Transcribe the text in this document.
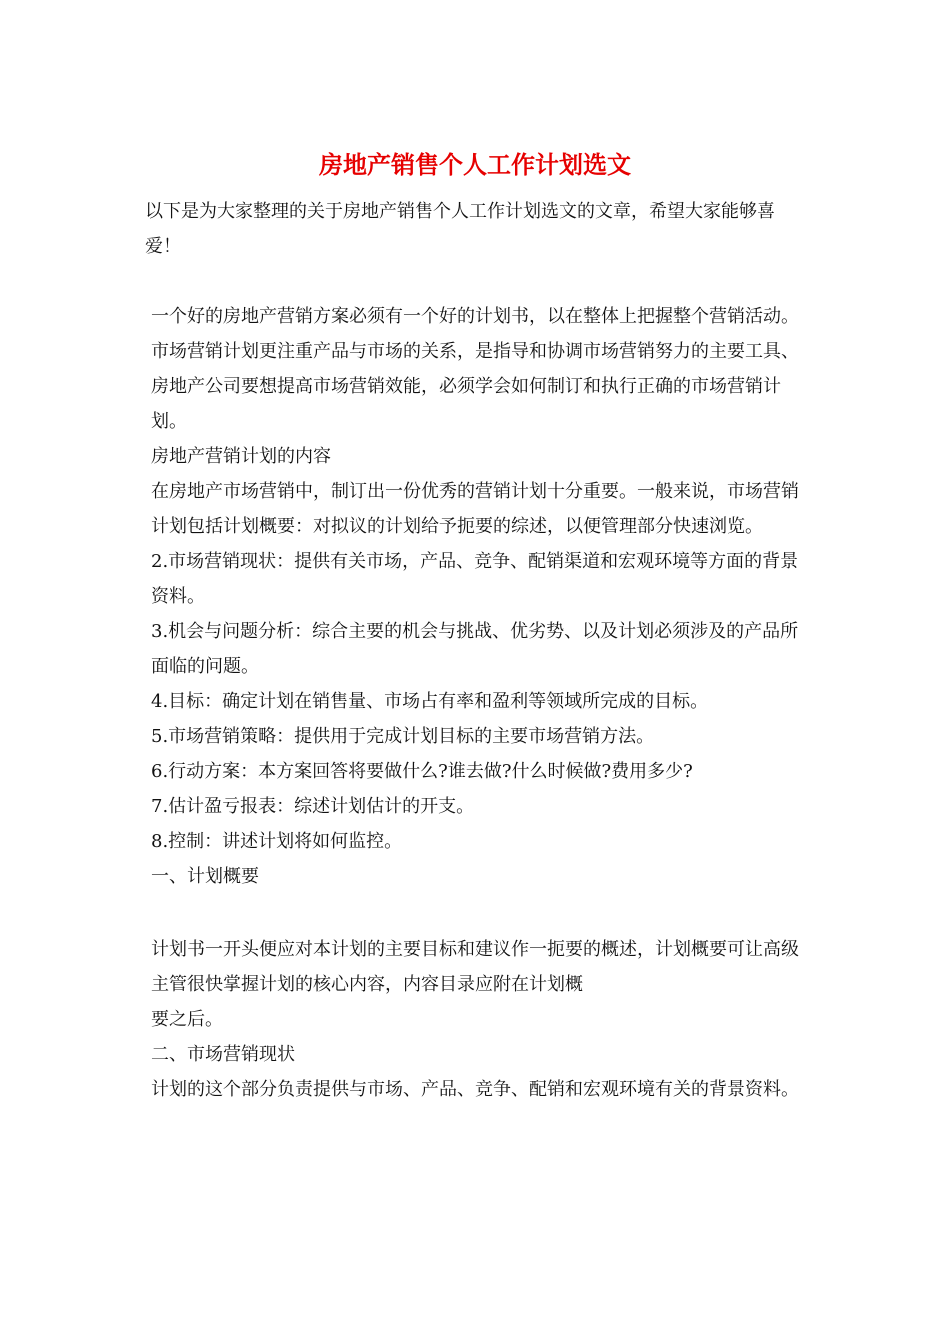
房地产销售个人工作计划选文

以下是为大家整理的关于房地产销售个人工作计划选文的文章，希望大家能够喜爱！

一个好的房地产营销方案必须有一个好的计划书，以在整体上把握整个营销活动。

市场营销计划更注重产品与市场的关系，是指导和协调市场营销努力的主要工具、房地产公司要想提高市场营销效能，必须学会如何制订和执行正确的市场营销计划。

房地产营销计划的内容

在房地产市场营销中，制订出一份优秀的营销计划十分重要。一般来说，市场营销计划包括计划概要：对拟议的计划给予扼要的综述，以便管理部分快速浏览。

2.市场营销现状：提供有关市场，产品、竞争、配销渠道和宏观环境等方面的背景资料。

3.机会与问题分析：综合主要的机会与挑战、优劣势、以及计划必须涉及的产品所面临的问题。

4.目标：确定计划在销售量、市场占有率和盈利等领域所完成的目标。

5.市场营销策略：提供用于完成计划目标的主要市场营销方法。

6.行动方案：本方案回答将要做什么?谁去做?什么时候做?费用多少?

7.估计盈亏报表：综述计划估计的开支。

8.控制：讲述计划将如何监控。

一、计划概要

计划书一开头便应对本计划的主要目标和建议作一扼要的概述，计划概要可让高级主管很快掌握计划的核心内容，内容目录应附在计划概

要之后。

二、市场营销现状

计划的这个部分负责提供与市场、产品、竞争、配销和宏观环境有关的背景资料。
